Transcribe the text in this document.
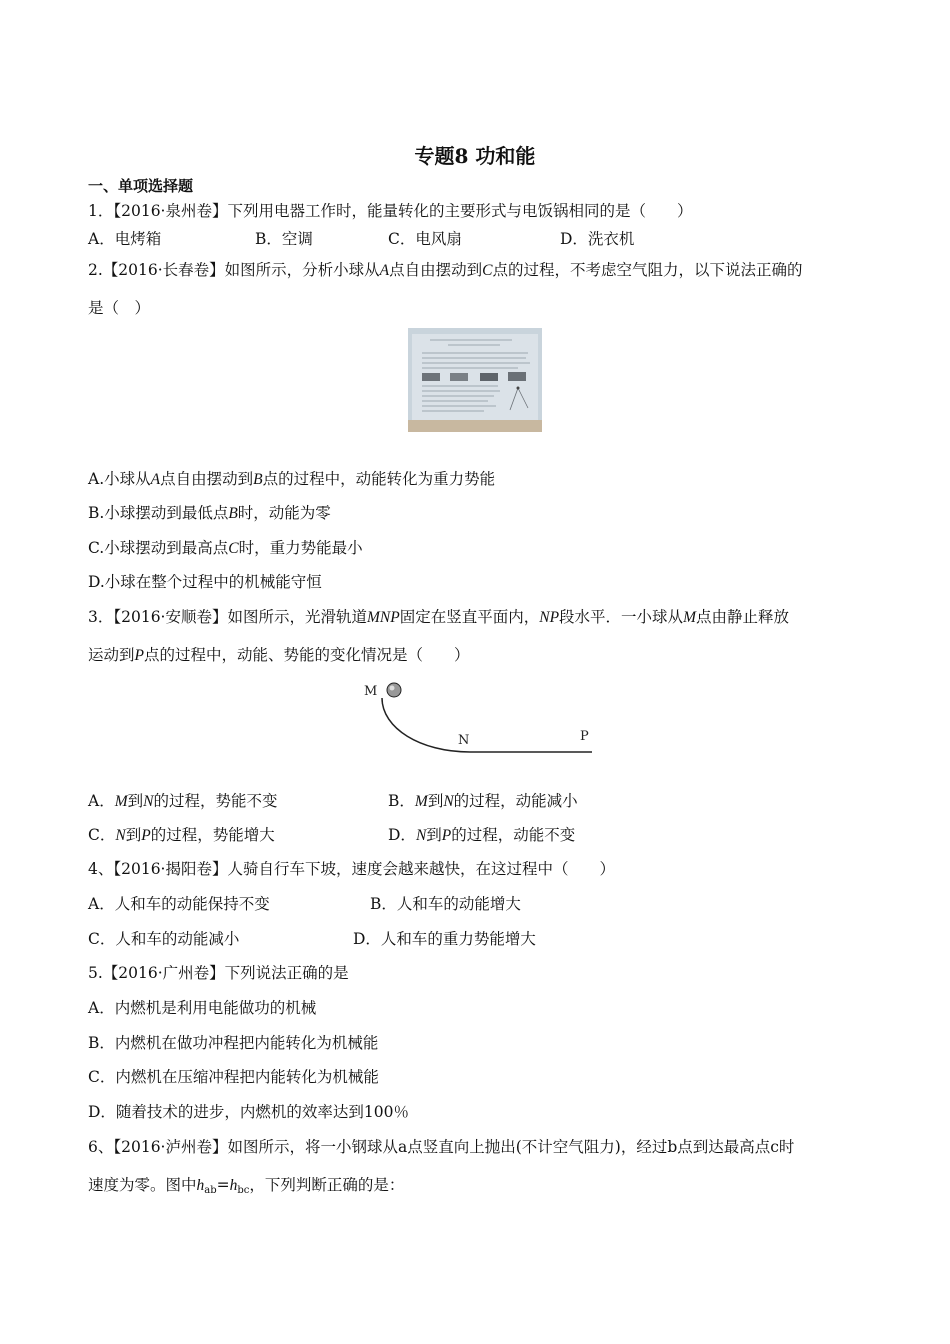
专题8 功和能
一、单项选择题
1．【2016·泉州卷】下列用电器工作时，能量转化的主要形式与电饭锅相同的是（　　）
A．电烤箱	B．空调	C．电风扇	D．洗衣机
2.【2016·长春卷】如图所示，分析小球从A点自由摆动到C点的过程，不考虑空气阻力，以下说法正确的
是（　）
A.小球从A点自由摆动到B点的过程中，动能转化为重力势能
B.小球摆动到最低点B时，动能为零
C.小球摆动到最高点C时，重力势能最小
D.小球在整个过程中的机械能守恒
3．【2016·安顺卷】如图所示，光滑轨道MNP固定在竖直平面内，NP段水平．一小球从M点由静止释放
运动到P点的过程中，动能、势能的变化情况是（　　）
M
N	P
A．M到N的过程，势能不变	B．M到N的过程，动能减小
C．N到P的过程，势能增大	D．N到P的过程，动能不变
4、【2016·揭阳卷】人骑自行车下坡，速度会越来越快，在这过程中（　　）
A．人和车的动能保持不变	B．人和车的动能增大
C．人和车的动能减小	D．人和车的重力势能增大
5.【2016·广州卷】下列说法正确的是
A．内燃机是利用电能做功的机械
B．内燃机在做功冲程把内能转化为机械能
C．内燃机在压缩冲程把内能转化为机械能
D．随着技术的进步，内燃机的效率达到100％
6、【2016·泸州卷】如图所示，将一小钢球从a点竖直向上抛出(不计空气阻力)，经过b点到达最高点c时
速度为零。图中$h_{ab}=h_{bc}$，下列判断正确的是：
